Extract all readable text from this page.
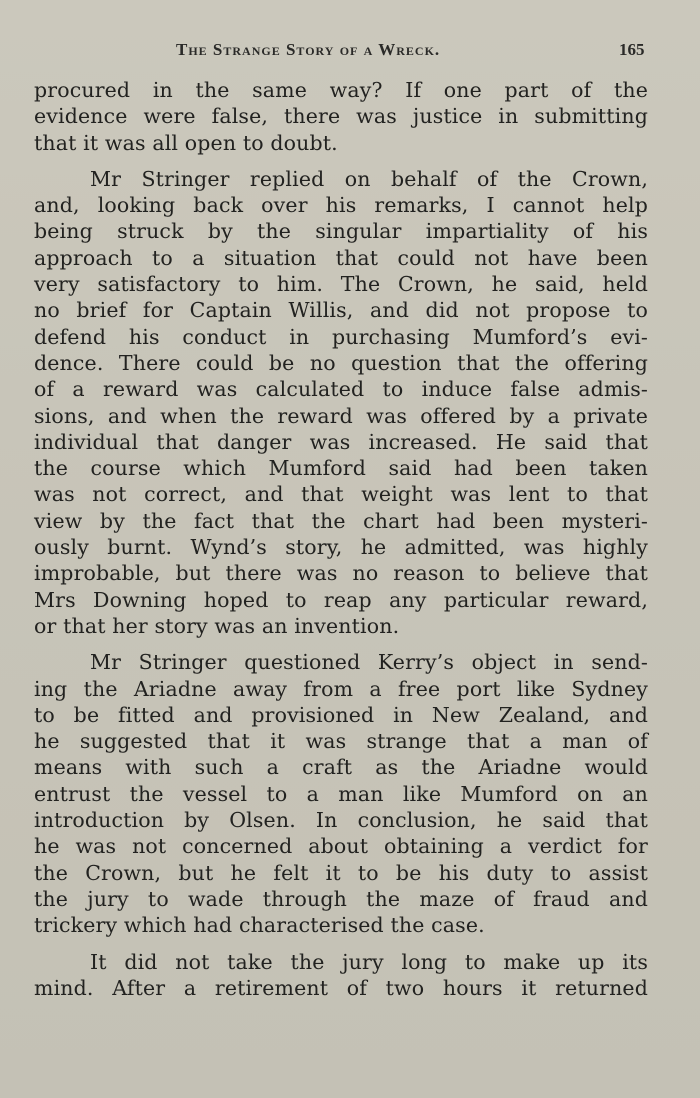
The Strange Story of a Wreck.	165
procured in the same way? If one part of the
evidence were false, there was justice in submitting
that it was all open to doubt.
Mr Stringer replied on behalf of the Crown,
and, looking back over his remarks, I cannot help
being struck by the singular impartiality of his
approach to a situation that could not have been
very satisfactory to him. The Crown, he said, held
no brief for Captain Willis, and did not propose to
defend his conduct in purchasing Mumford’s evi-
dence. There could be no question that the offering
of a reward was calculated to induce false admis-
sions, and when the reward was offered by a private
individual that danger was increased. He said that
the course which Mumford said had been taken
was not correct, and that weight was lent to that
view by the fact that the chart had been mysteri-
ously burnt. Wynd’s story, he admitted, was highly
improbable, but there was no reason to believe that
Mrs Downing hoped to reap any particular reward,
or that her story was an invention.
Mr Stringer questioned Kerry’s object in send-
ing the Ariadne away from a free port like Sydney
to be fitted and provisioned in New Zealand, and
he suggested that it was strange that a man of
means with such a craft as the Ariadne would
entrust the vessel to a man like Mumford on an
introduction by Olsen. In conclusion, he said that
he was not concerned about obtaining a verdict for
the Crown, but he felt it to be his duty to assist
the jury to wade through the maze of fraud and
trickery which had characterised the case.
It did not take the jury long to make up its
mind. After a retirement of two hours it returned
